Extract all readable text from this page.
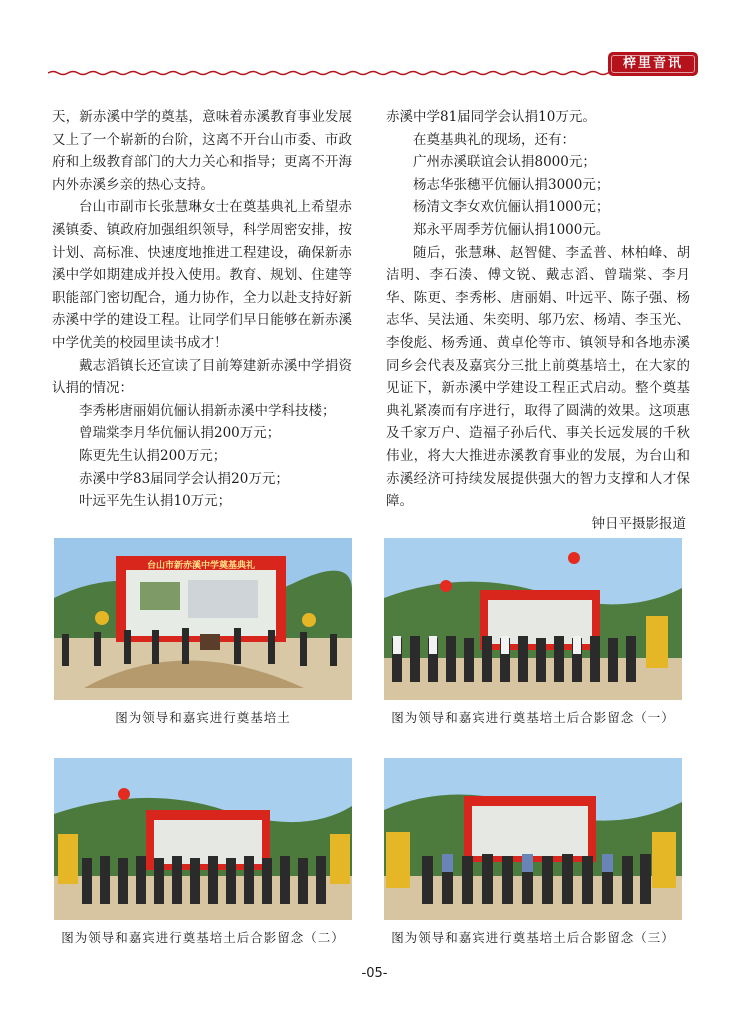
梓里音讯

天，新赤溪中学的奠基，意味着赤溪教育事业发展又上了一个崭新的台阶，这离不开台山市委、市政府和上级教育部门的大力关心和指导；更离不开海内外赤溪乡亲的热心支持。

台山市副市长张慧琳女士在奠基典礼上希望赤溪镇委、镇政府加强组织领导，科学周密安排，按计划、高标准、快速度地推进工程建设，确保新赤溪中学如期建成并投入使用。教育、规划、住建等职能部门密切配合，通力协作，全力以赴支持好新赤溪中学的建设工程。让同学们早日能够在新赤溪中学优美的校园里读书成才！

戴志滔镇长还宣读了目前筹建新赤溪中学捐资认捐的情况：

李秀彬唐丽娟伉俪认捐新赤溪中学科技楼；

曾瑞棠李月华伉俪认捐200万元；

陈更先生认捐200万元；

赤溪中学83届同学会认捐20万元；

叶远平先生认捐10万元；

赤溪中学81届同学会认捐10万元。

在奠基典礼的现场，还有：

广州赤溪联谊会认捐8000元；

杨志华张穗平伉俪认捐3000元；

杨清文李女欢伉俪认捐1000元；

郑永平周季芳伉俪认捐1000元。

随后，张慧琳、赵智健、李孟普、林柏峰、胡洁明、李石湊、傅文锐、戴志滔、曾瑞棠、李月华、陈更、李秀彬、唐丽娟、叶远平、陈子强、杨志华、吴法通、朱奕明、邬乃宏、杨靖、李玉光、李俊彪、杨秀通、黄卓伦等市、镇领导和各地赤溪同乡会代表及嘉宾分三批上前奠基培土，在大家的见证下，新赤溪中学建设工程正式启动。整个奠基典礼紧凑而有序进行，取得了圆满的效果。这项惠及千家万户、造福子孙后代、事关长远发展的千秋伟业，将大大推进赤溪教育事业的发展，为台山和赤溪经济可持续发展提供强大的智力支撑和人才保障。

钟日平摄影报道

台山市新赤溪中学奠基典礼
图为领导和嘉宾进行奠基培土	图为领导和嘉宾进行奠基培土后合影留念（一）
图为领导和嘉宾进行奠基培土后合影留念（二）	图为领导和嘉宾进行奠基培土后合影留念（三）
-05-
